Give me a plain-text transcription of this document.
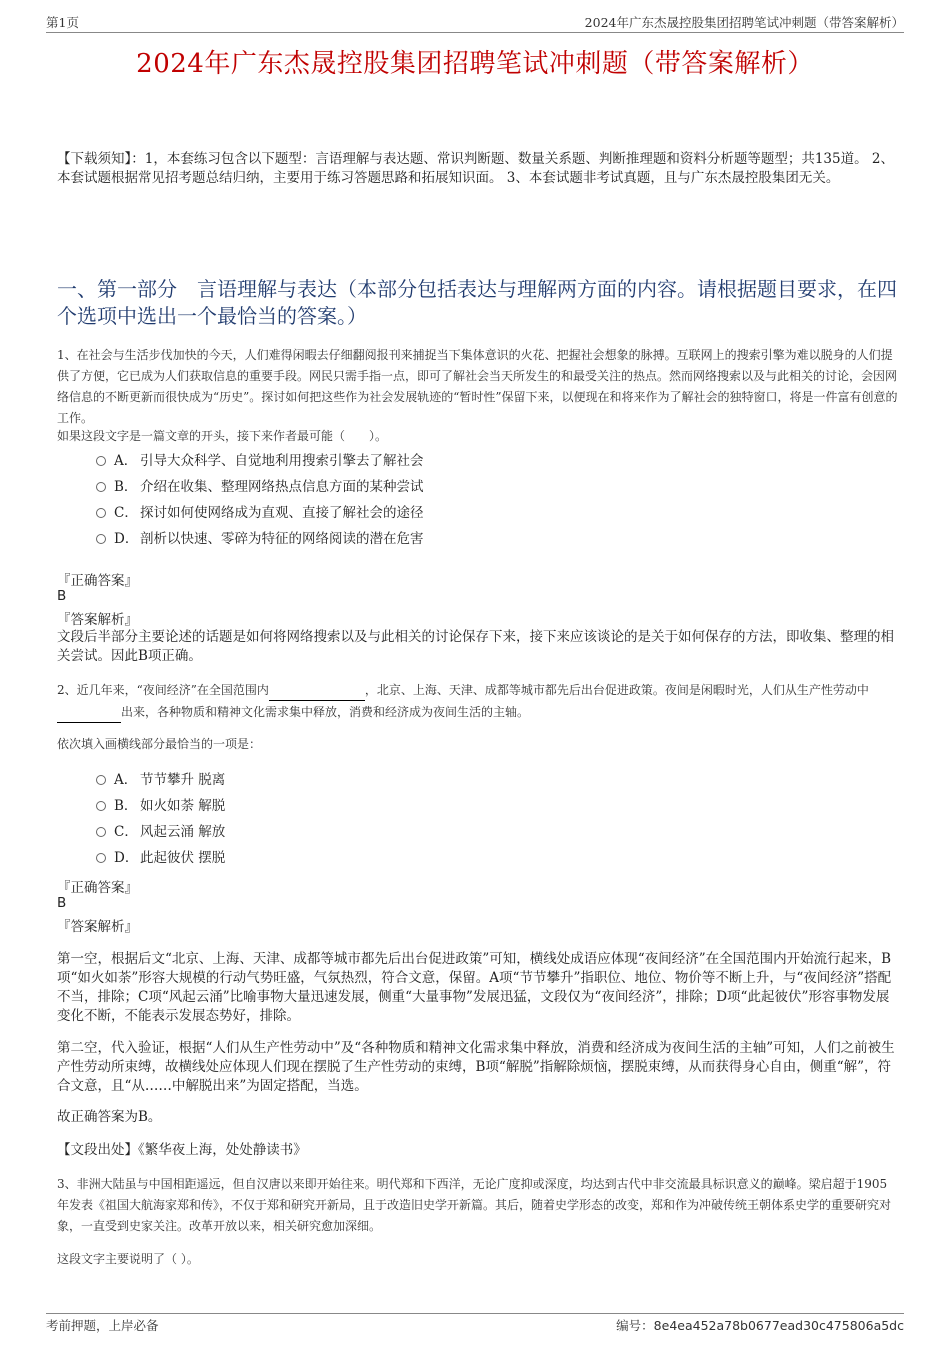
第1页	2024年广东杰晟控股集团招聘笔试冲刺题（带答案解析）
2024年广东杰晟控股集团招聘笔试冲刺题（带答案解析）
【下载须知】：1，本套练习包含以下题型：言语理解与表达题、常识判断题、数量关系题、判断推理题和资料分析题等题型；共135道。 2、本套试题根据常见招考题总结归纳，主要用于练习答题思路和拓展知识面。 3、本套试题非考试真题，且与广东杰晟控股集团无关。
一、第一部分　言语理解与表达（本部分包括表达与理解两方面的内容。请根据题目要求，在四个选项中选出一个最恰当的答案。）
1、在社会与生活步伐加快的今天，人们难得闲暇去仔细翻阅报刊来捕捉当下集体意识的火花、把握社会想象的脉搏。互联网上的搜索引擎为难以脱身的人们提供了方便，它已成为人们获取信息的重要手段。网民只需手指一点，即可了解社会当天所发生的和最受关注的热点。然而网络搜索以及与此相关的讨论，会因网络信息的不断更新而很快成为“历史”。探讨如何把这些作为社会发展轨迹的“暂时性”保留下来，以便现在和将来作为了解社会的独特窗口，将是一件富有创意的工作。
如果这段文字是一篇文章的开头，接下来作者最可能（　　）。
A． 引导大众科学、自觉地利用搜索引擎去了解社会
B． 介绍在收集、整理网络热点信息方面的某种尝试
C． 探讨如何使网络成为直观、直接了解社会的途径
D． 剖析以快速、零碎为特征的网络阅读的潜在危害
『正确答案』
B
『答案解析』
文段后半部分主要论述的话题是如何将网络搜索以及与此相关的讨论保存下来，接下来应该谈论的是关于如何保存的方法，即收集、整理的相关尝试。因此B项正确。
2、近几年来，“夜间经济”在全国范围内	，北京、上海、天津、成都等城市都先后出台促进政策。夜间是闲暇时光，人们从生产性劳动中 出来，各种物质和精神文化需求集中释放，消费和经济成为夜间生活的主轴。
依次填入画横线部分最恰当的一项是：
A． 节节攀升 脱离
B． 如火如荼 解脱
C． 风起云涌 解放
D． 此起彼伏 摆脱
『正确答案』
B
『答案解析』
第一空，根据后文“北京、上海、天津、成都等城市都先后出台促进政策”可知，横线处成语应体现“夜间经济”在全国范围内开始流行起来，B项“如火如荼”形容大规模的行动气势旺盛，气氛热烈，符合文意，保留。A项“节节攀升”指职位、地位、物价等不断上升，与“夜间经济”搭配不当，排除；C项“风起云涌”比喻事物大量迅速发展，侧重“大量事物”发展迅猛，文段仅为“夜间经济”，排除；D项“此起彼伏”形容事物发展变化不断，不能表示发展态势好，排除。
第二空，代入验证，根据“人们从生产性劳动中”及“各种物质和精神文化需求集中释放，消费和经济成为夜间生活的主轴”可知，人们之前被生产性劳动所束缚，故横线处应体现人们现在摆脱了生产性劳动的束缚，B项“解脱”指解除烦恼，摆脱束缚，从而获得身心自由，侧重“解”，符合文意，且“从……中解脱出来”为固定搭配，当选。
故正确答案为B。
【文段出处】《繁华夜上海，处处静读书》
3、非洲大陆虽与中国相距遥远，但自汉唐以来即开始往来。明代郑和下西洋，无论广度抑或深度，均达到古代中非交流最具标识意义的巅峰。梁启超于1905年发表《祖国大航海家郑和传》，不仅于郑和研究开新局，且于改造旧史学开新篇。其后，随着史学形态的改变，郑和作为冲破传统王朝体系史学的重要研究对象，一直受到史家关注。改革开放以来，相关研究愈加深细。
这段文字主要说明了（ ）。
考前押题，上岸必备	编号：8e4ea452a78b0677ead30c475806a5dc
